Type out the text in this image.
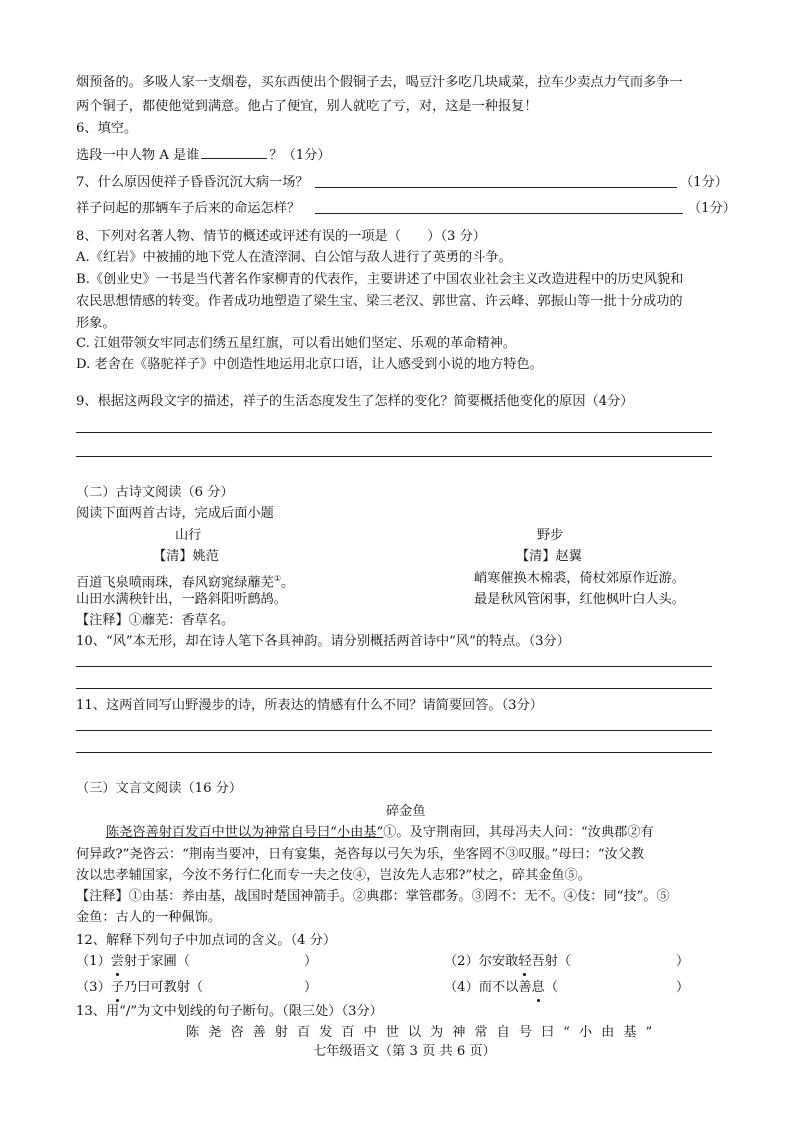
烟预备的。多吸人家一支烟卷，买东西使出个假铜子去，喝豆汁多吃几块咸菜，拉车少卖点力气而多争一
两个铜子，都使他觉到满意。他占了便宜，别人就吃了亏，对，这是一种报复！
6、填空。
选段一中人物 A 是谁	？（1分）
7、什么原因使祥子昏昏沉沉大病一场？	（1分）
祥子问起的那辆车子后来的命运怎样？	（1分）
8、下列对名著人物、情节的概述或评述有误的一项是（　　）（3 分）
A.《红岩》中被捕的地下党人在渣滓洞、白公馆与敌人进行了英勇的斗争。
B.《创业史》一书是当代著名作家柳青的代表作，主要讲述了中国农业社会主义改造进程中的历史风貌和
农民思想情感的转变。作者成功地塑造了梁生宝、梁三老汉、郭世富、许云峰、郭振山等一批十分成功的
形象。
C. 江姐带领女牢同志们绣五星红旗，可以看出她们坚定、乐观的革命精神。
D. 老舍在《骆驼祥子》中创造性地运用北京口语，让人感受到小说的地方特色。
9、根据这两段文字的描述，祥子的生活态度发生了怎样的变化？简要概括他变化的原因（4分）
（二）古诗文阅读（6 分）
阅读下面两首古诗，完成后面小题
山行
【清】姚范
百道飞泉喷雨珠，春风窈窕绿蘼芜①。
山田水满秧针出，一路斜阳听鹧鸪。
野步
【清】赵翼
峭寒催换木棉裘，倚杖郊原作近游。
最是秋风管闲事，红他枫叶白人头。
【注释】①蘼芜：香草名。
10、“风”本无形，却在诗人笔下各具神韵。请分别概括两首诗中“风”的特点。（3分）
11、这两首同写山野漫步的诗，所表达的情感有什么不同？请简要回答。（3分）
（三）文言文阅读（16 分）
碎金鱼
陈尧咨善射百发百中世以为神常自号曰“小由基”①。及守荆南回，其母冯夫人问：“汝典郡②有
何异政?”尧咨云：“荆南当要冲，日有宴集，尧咨每以弓矢为乐，坐客罔不③叹服。”母曰：“汝父教
汝以忠孝辅国家，今汝不务行仁化而专一夫之伎④，岂汝先人志邪?”杖之，碎其金鱼⑤。
【注释】①由基：养由基，战国时楚国神箭手。②典郡：掌管郡务。③罔不：无不。④伎：同“技”。⑤
金鱼：古人的一种佩饰。
12、解释下列句子中加点词的含义。（4 分）
（1）尝射于家圃（	）	（2）尔安敢轻吾射（	）
（3）子乃曰可教射（	）	（4）而不以善息（	）
13、用“/”为文中划线的句子断句。（限三处）（3分）
陈尧咨善射百发百中世以为神常自号曰“小由基”
七年级语文（第 3 页 共 6 页）
